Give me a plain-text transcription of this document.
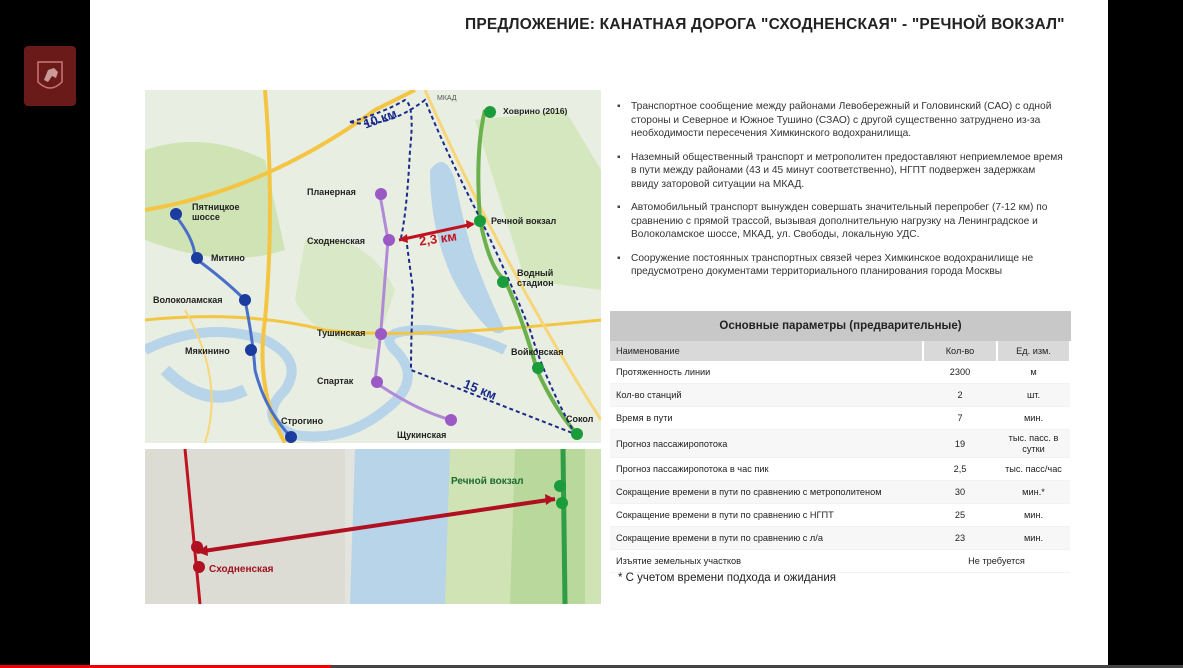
ПРЕДЛОЖЕНИЕ: КАНАТНАЯ ДОРОГА "СХОДНЕНСКАЯ" - "РЕЧНОЙ ВОКЗАЛ"
Ховрино (2016)
Планерная
Сходненская
Речной вокзал
Пятницкое шоссе
Митино
Волоколамская
Водный стадион
Тушинская
Мякинино	Войковская
Спартак
Строгино
Щукинская
Сокол
10 км
2,3 км
15 км
МКАД
Речной вокзал
Сходненская
▪ Транспортное сообщение между районами Левобережный и Головинский (САО) с одной стороны и Северное и Южное Тушино (СЗАО) с другой существенно затруднено из-за необходимости пересечения Химкинского водохранилища.
▪ Наземный общественный транспорт и метрополитен предоставляют неприемлемое время в пути между районами (43 и 45 минут соответственно), НГПТ подвержен задержкам ввиду заторовой ситуации на МКАД.
▪ Автомобильный транспорт вынужден совершать значительный перепробег (7-12 км) по сравнению с прямой трассой, вызывая дополнительную нагрузку на Ленинградское и Волоколамское шоссе, МКАД, ул. Свободы, локальную УДС.
▪ Сооружение постоянных транспортных связей через Химкинское водохранилище не предусмотрено документами территориального планирования города Москвы
Основные параметры (предварительные)
Наименование	Кол-во	Ед. изм.
Протяженность линии	2300	м
Кол-во станций	2	шт.
Время в пути	7	мин.
Прогноз пассажиропотока	19	тыс. пасс. в сутки
Прогноз пассажиропотока в час пик	2,5	тыс. пасс/час
Сокращение времени в пути по сравнению с метрополитеном	30	мин.*
Сокращение времени в пути по сравнению с НГПТ	25	мин.
Сокращение времени в пути по сравнению с л/а	23	мин.
Изъятие земельных участков	Не требуется	
* С учетом времени подхода и ожидания
